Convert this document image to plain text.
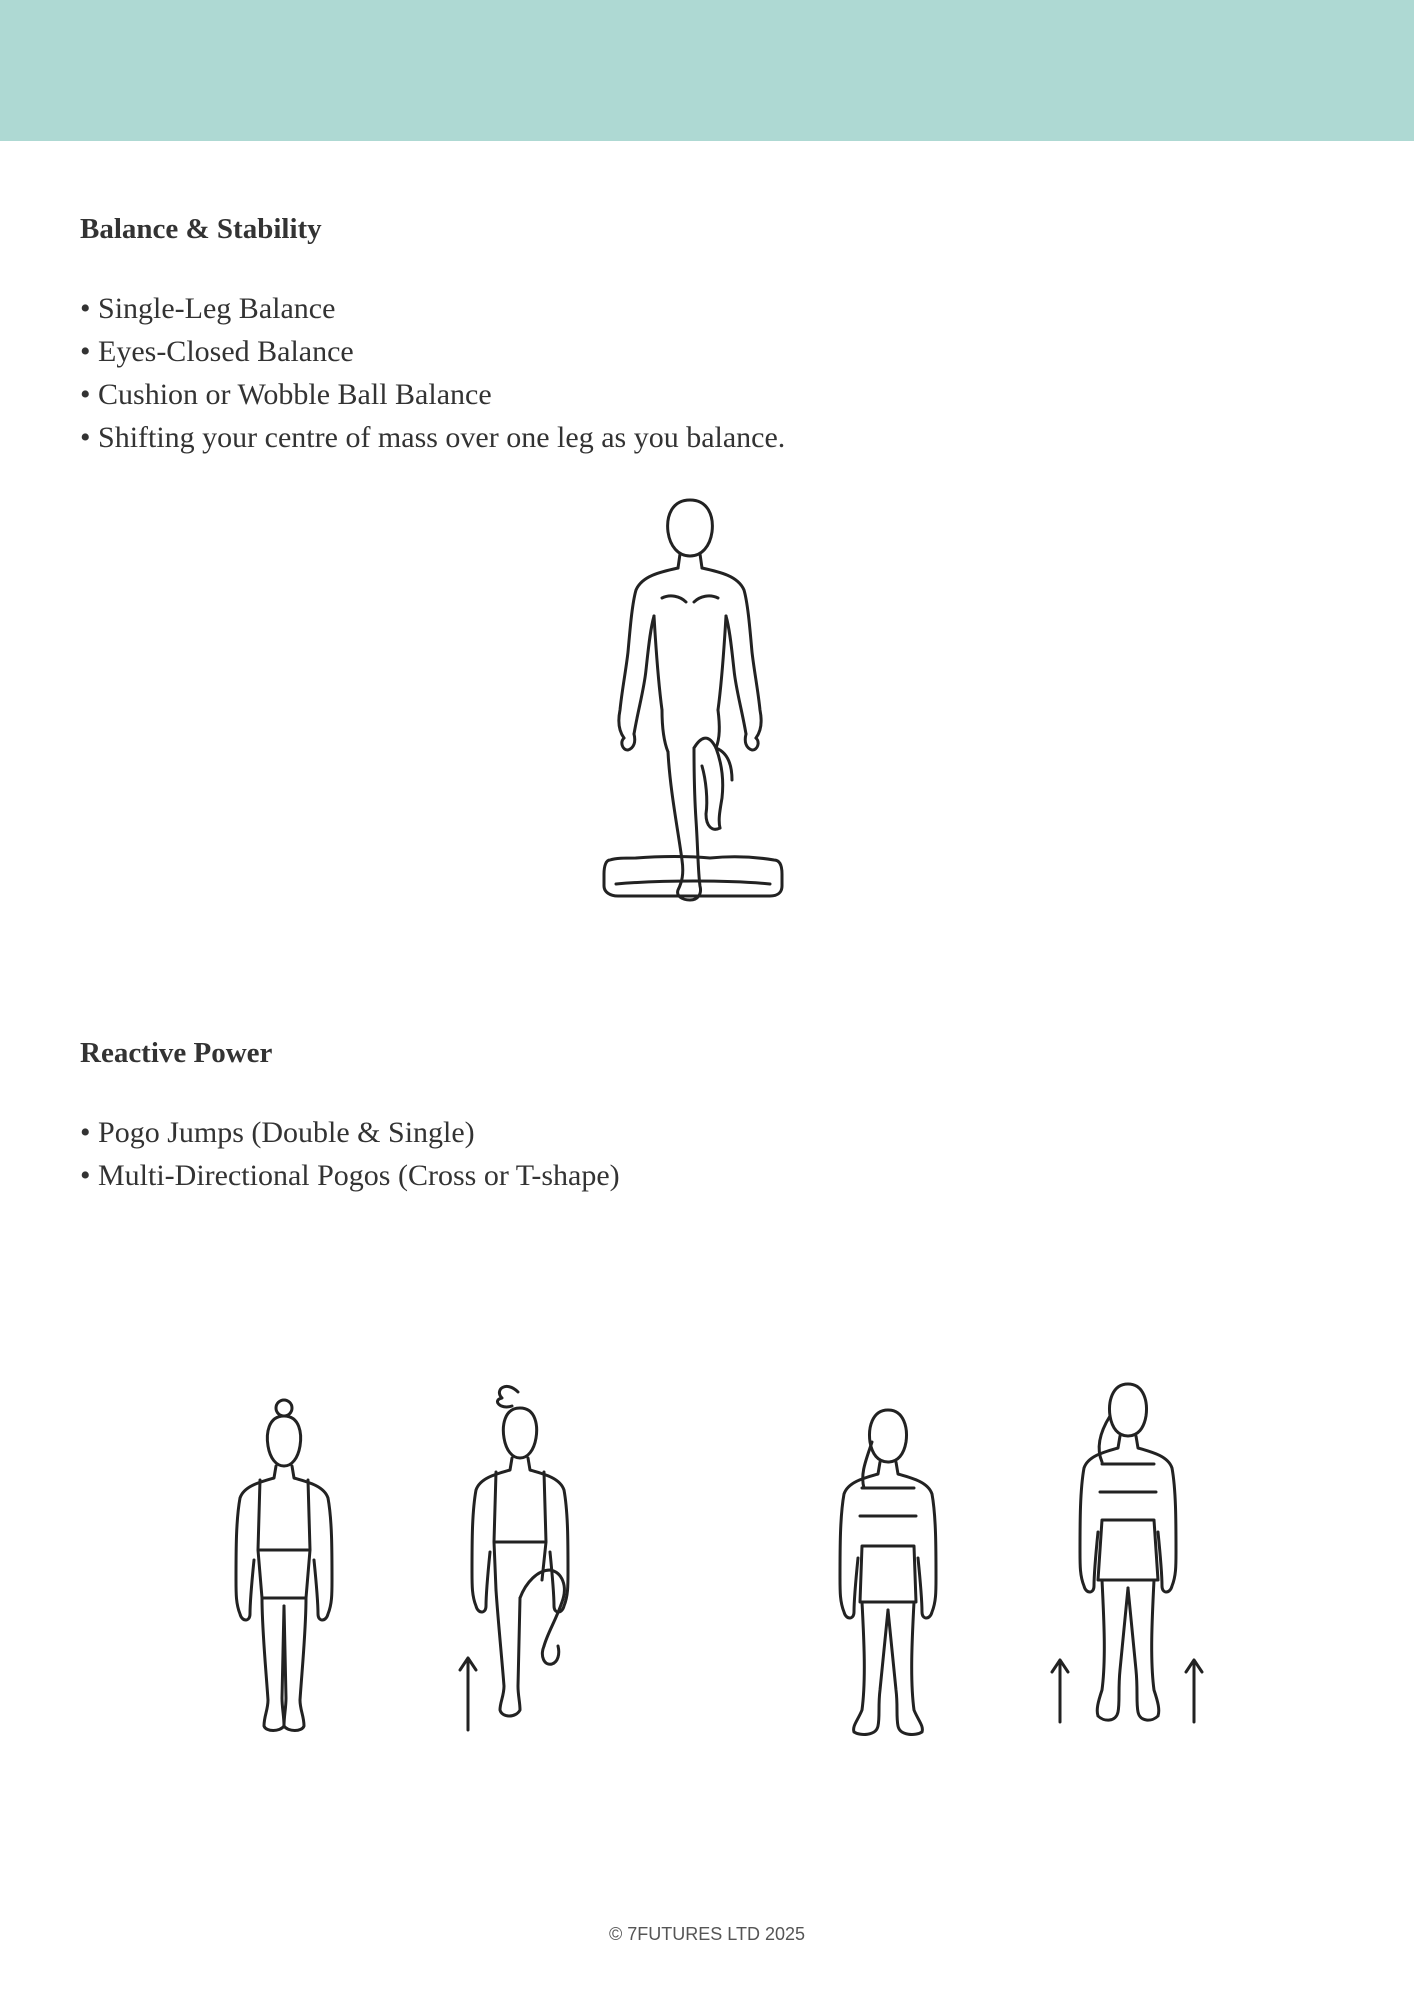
Balance & Stability
• Single-Leg Balance
• Eyes-Closed Balance
• Cushion or Wobble Ball Balance
• Shifting your centre of mass over one leg as you balance.
Reactive Power
• Pogo Jumps (Double & Single)
• Multi-Directional Pogos (Cross or T-shape)
© 7FUTURES LTD 2025
